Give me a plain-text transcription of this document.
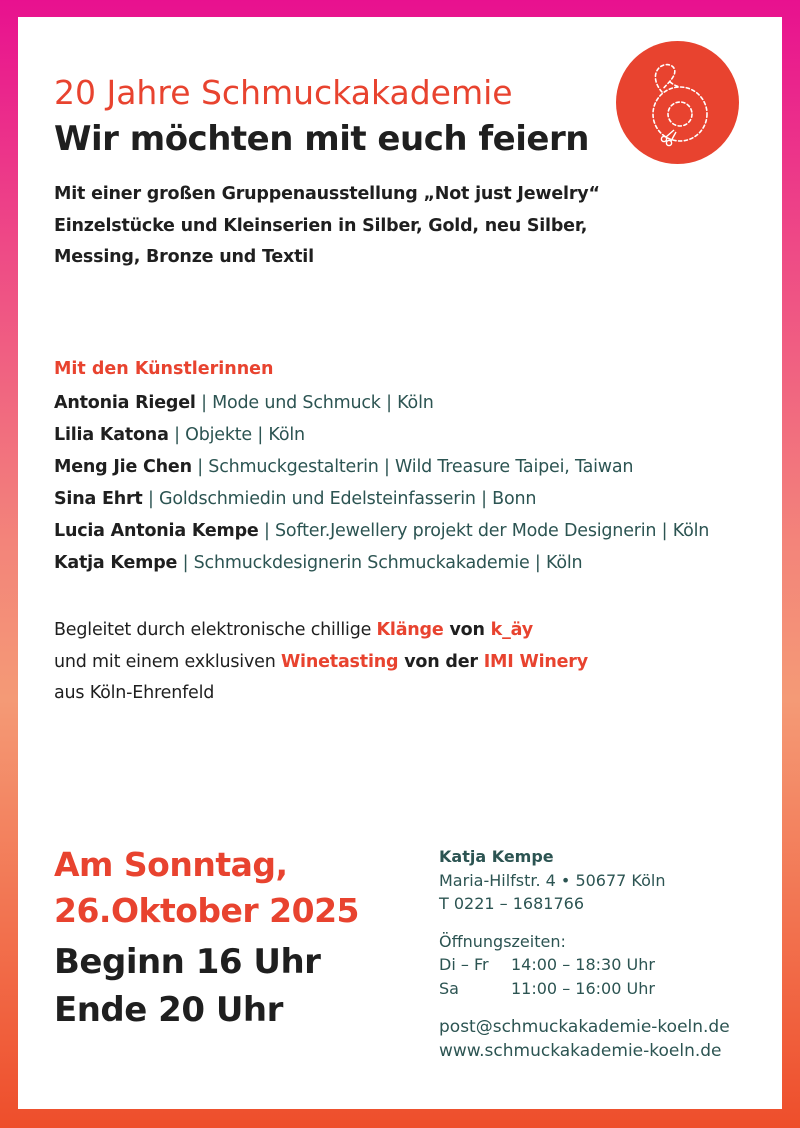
20 Jahre Schmuckakademie
Wir möchten mit euch feiern
Mit einer großen Gruppenausstellung „Not just Jewelry“
Einzelstücke und Kleinserien in Silber, Gold, neu Silber,
Messing, Bronze und Textil
Mit den Künstlerinnen
Antonia Riegel | Mode und Schmuck | Köln
Lilia Katona | Objekte | Köln
Meng Jie Chen | Schmuckgestalterin | Wild Treasure Taipei, Taiwan
Sina Ehrt | Goldschmiedin und Edelsteinfasserin | Bonn
Lucia Antonia Kempe | Softer.Jewellery projekt der Mode Designerin | Köln
Katja Kempe | Schmuckdesignerin Schmuckakademie | Köln
Begleitet durch elektronische chillige Klänge von k_äy
und mit einem exklusiven Winetasting von der IMI Winery
aus Köln-Ehrenfeld
Am Sonntag,
26.Oktober 2025
Beginn 16 Uhr
Ende 20 Uhr
Katja Kempe
Maria-Hilfstr. 4 • 50677 Köln
T 0221 – 1681766
Öffnungszeiten:
Di – Fr 14:00 – 18:30 Uhr
Sa	11:00 – 16:00 Uhr
post@schmuckakademie-koeln.de
www.schmuckakademie-koeln.de
